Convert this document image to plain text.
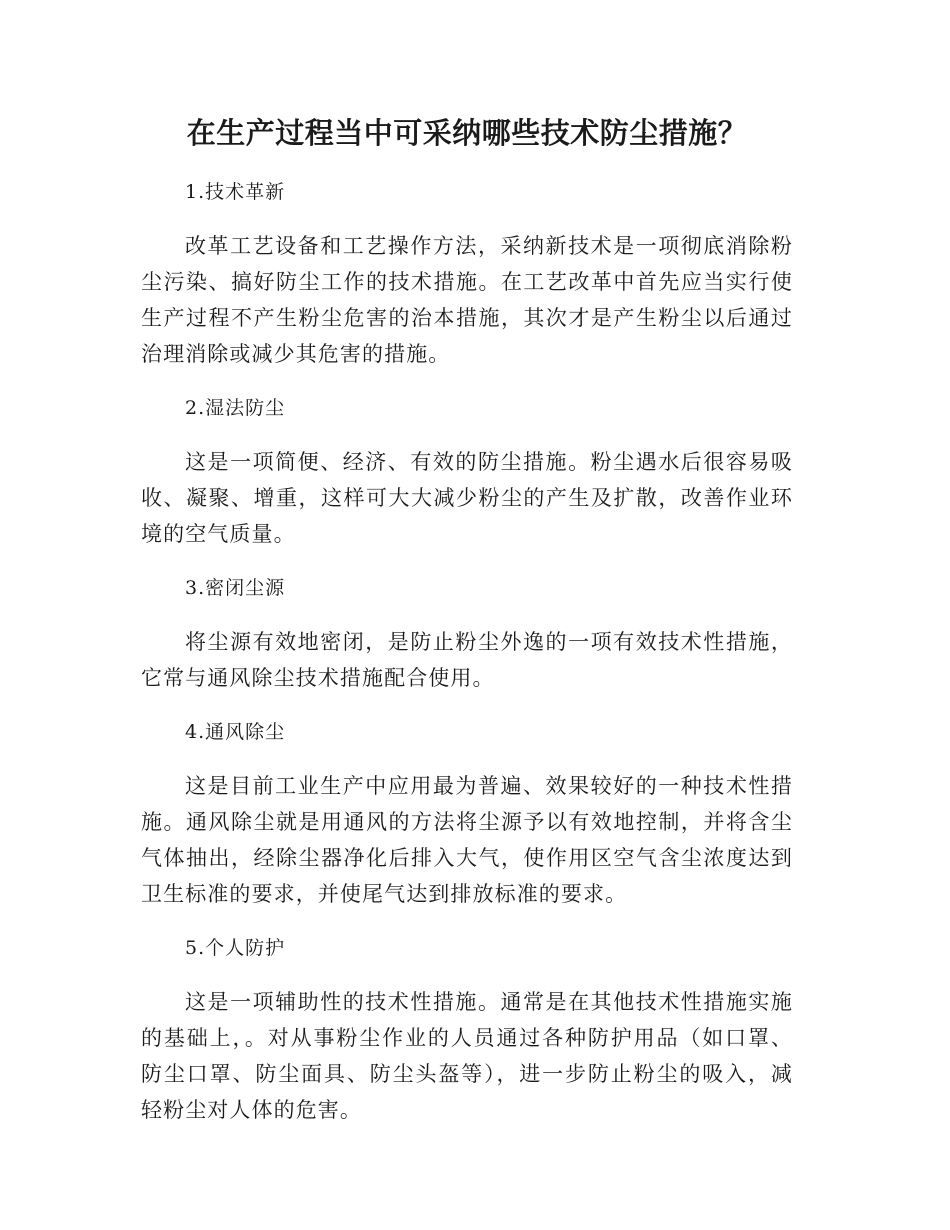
在生产过程当中可采纳哪些技术防尘措施？
1.技术革新

改革工艺设备和工艺操作方法，采纳新技术是一项彻底消除粉尘污染、搞好防尘工作的技术措施。在工艺改革中首先应当实行使生产过程不产生粉尘危害的治本措施，其次才是产生粉尘以后通过治理消除或减少其危害的措施。

2.湿法防尘

这是一项简便、经济、有效的防尘措施。粉尘遇水后很容易吸收、凝聚、增重，这样可大大减少粉尘的产生及扩散，改善作业环境的空气质量。

3.密闭尘源

将尘源有效地密闭，是防止粉尘外逸的一项有效技术性措施，它常与通风除尘技术措施配合使用。

4.通风除尘

这是目前工业生产中应用最为普遍、效果较好的一种技术性措施。通风除尘就是用通风的方法将尘源予以有效地控制，并将含尘气体抽出，经除尘器净化后排入大气，使作用区空气含尘浓度达到卫生标准的要求，并使尾气达到排放标准的要求。

5.个人防护

这是一项辅助性的技术性措施。通常是在其他技术性措施实施的基础上，。对从事粉尘作业的人员通过各种防护用品（如口罩、防尘口罩、防尘面具、防尘头盔等），进一步防止粉尘的吸入，减轻粉尘对人体的危害。
